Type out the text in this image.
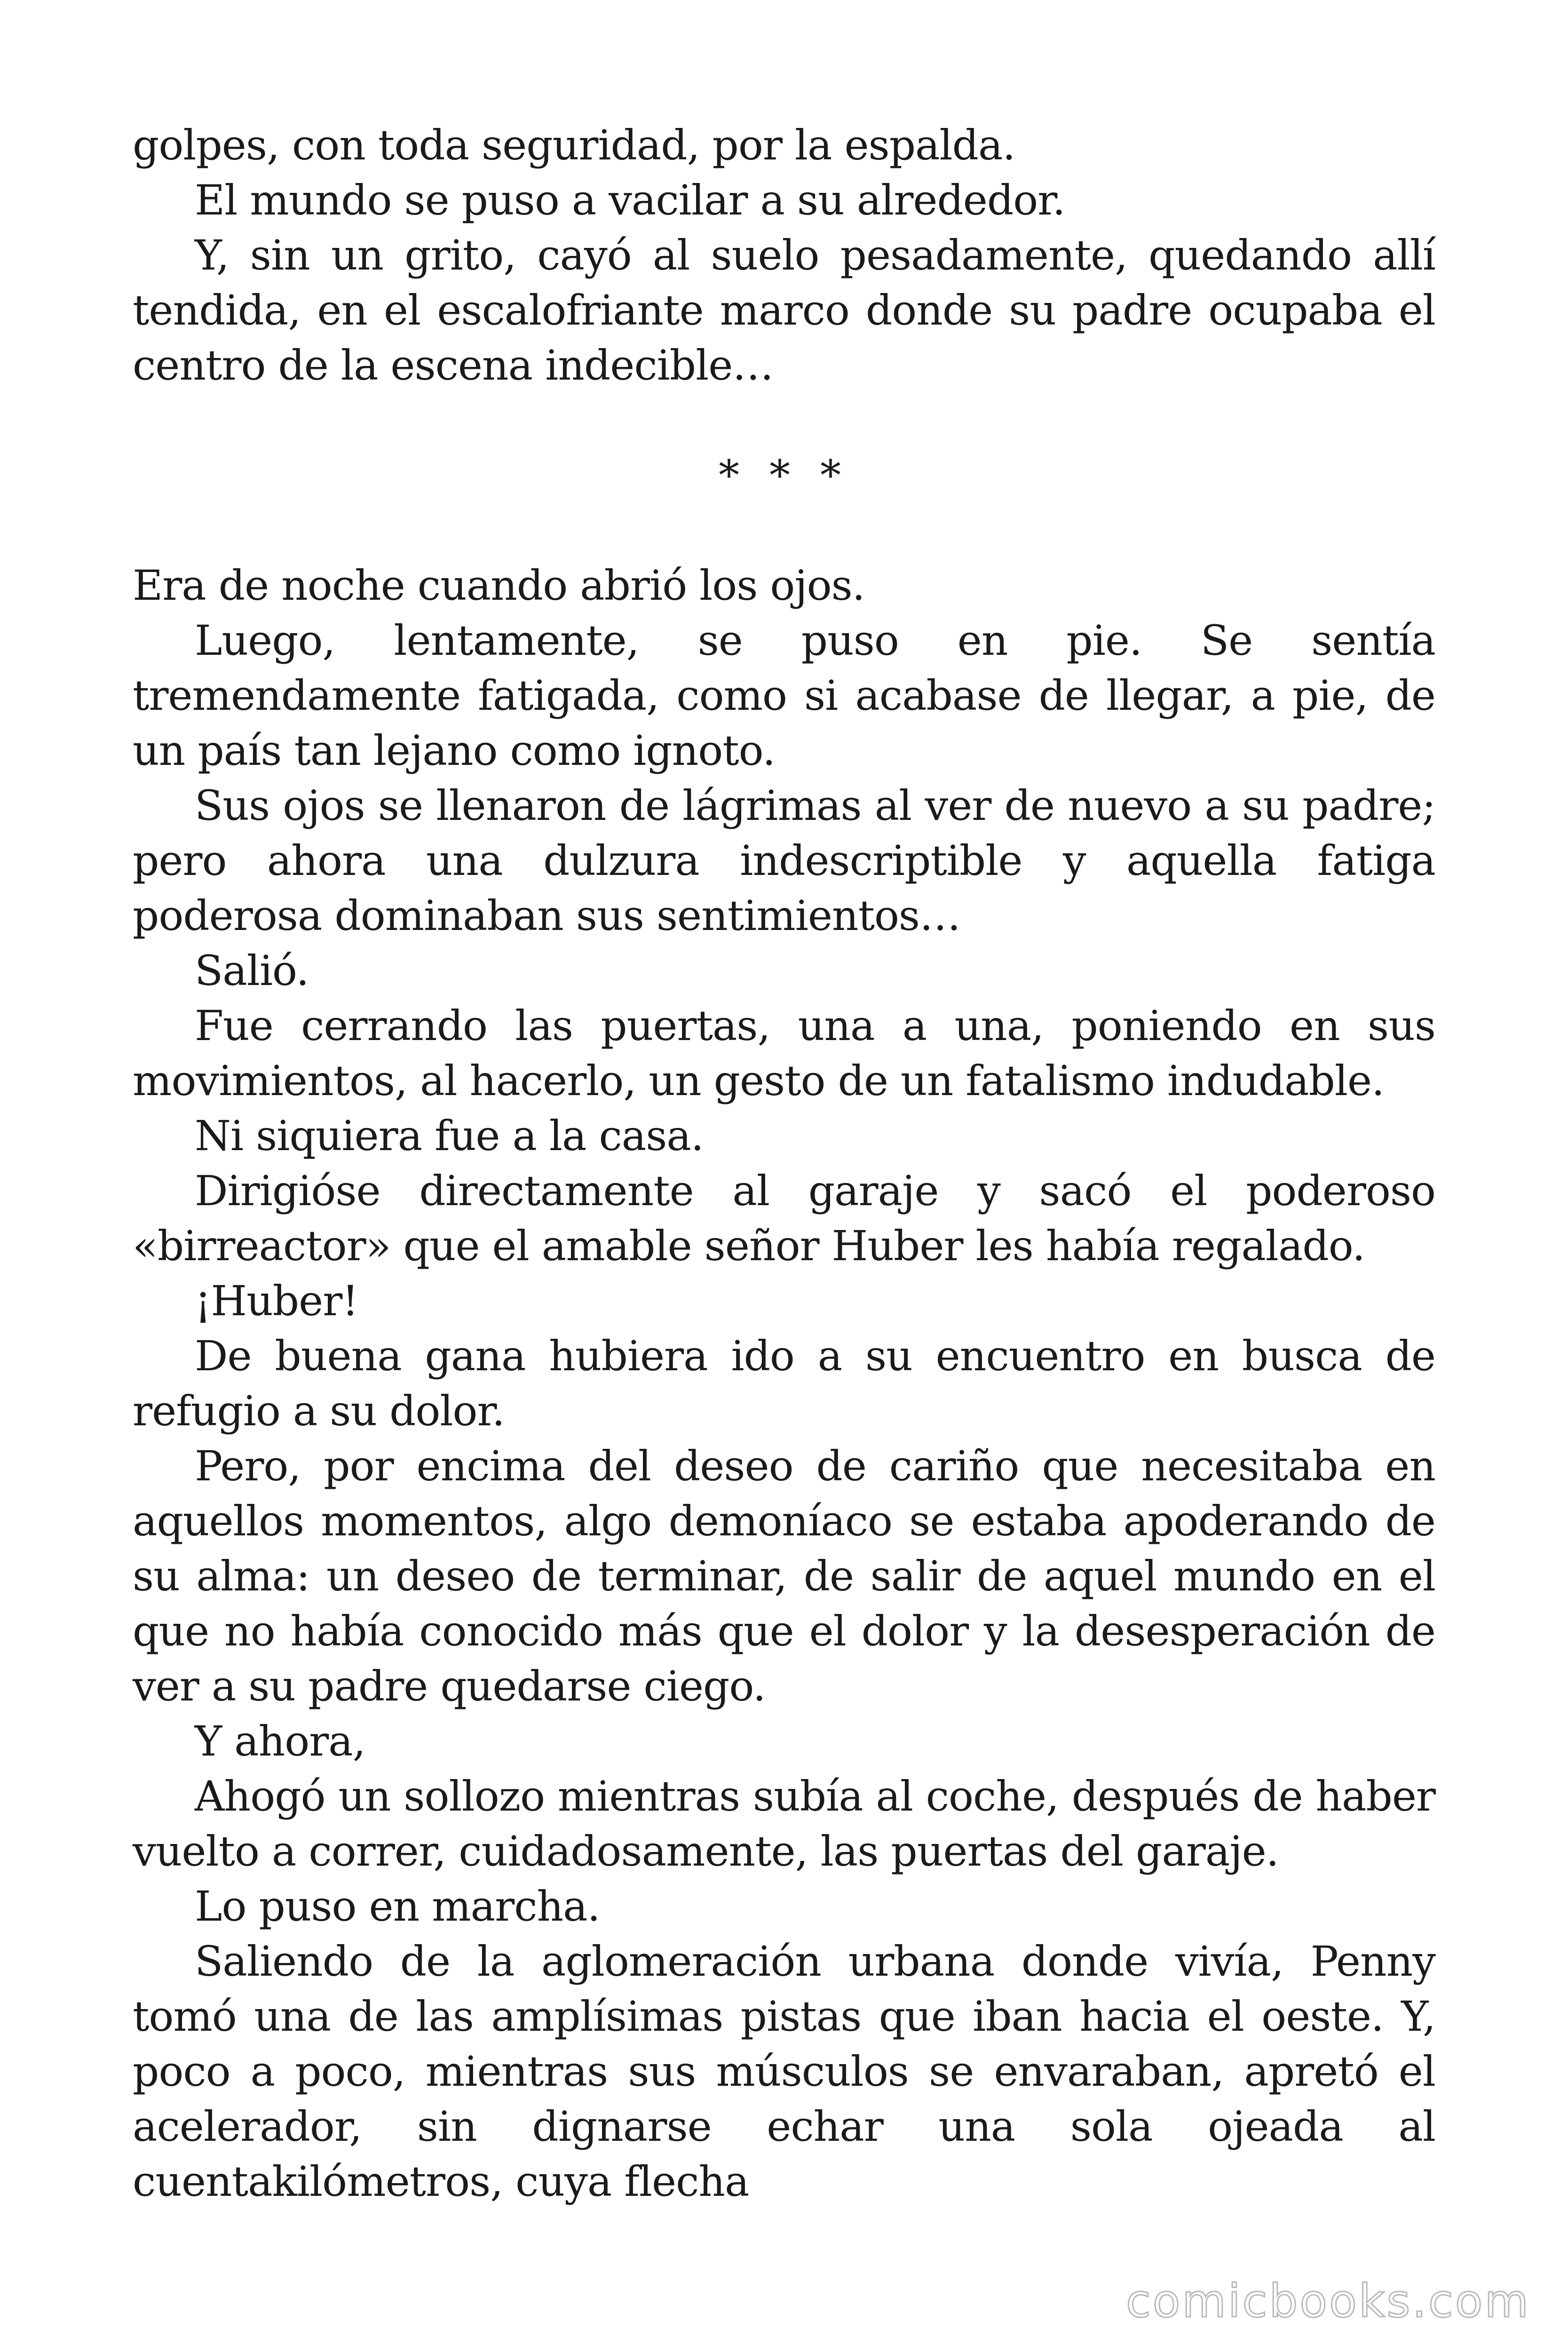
golpes, con toda seguridad, por la espalda.

El mundo se puso a vacilar a su alrededor.

Y, sin un grito, cayó al suelo pesadamente, quedando allí tendida, en el escalofriante marco donde su padre ocupaba el centro de la escena indecible…

* * *

Era de noche cuando abrió los ojos.

Luego, lentamente, se puso en pie. Se sentía tremendamente fatigada, como si acabase de llegar, a pie, de un país tan lejano como ignoto.

Sus ojos se llenaron de lágrimas al ver de nuevo a su padre; pero ahora una dulzura indescriptible y aquella fatiga poderosa dominaban sus sentimientos…

Salió.

Fue cerrando las puertas, una a una, poniendo en sus movimientos, al hacerlo, un gesto de un fatalismo indudable.

Ni siquiera fue a la casa.

Dirigióse directamente al garaje y sacó el poderoso «birreactor» que el amable señor Huber les había regalado.

¡Huber!

De buena gana hubiera ido a su encuentro en busca de refugio a su dolor.

Pero, por encima del deseo de cariño que necesitaba en aquellos momentos, algo demoníaco se estaba apoderando de su alma: un deseo de terminar, de salir de aquel mundo en el que no había conocido más que el dolor y la desesperación de ver a su padre quedarse ciego.

Y ahora,

Ahogó un sollozo mientras subía al coche, después de haber vuelto a correr, cuidadosamente, las puertas del garaje.

Lo puso en marcha.

Saliendo de la aglomeración urbana donde vivía, Penny tomó una de las amplísimas pistas que iban hacia el oeste. Y, poco a poco, mientras sus músculos se envaraban, apretó el acelerador, sin dignarse echar una sola ojeada al cuentakilómetros, cuya flecha

comicbooks.com
